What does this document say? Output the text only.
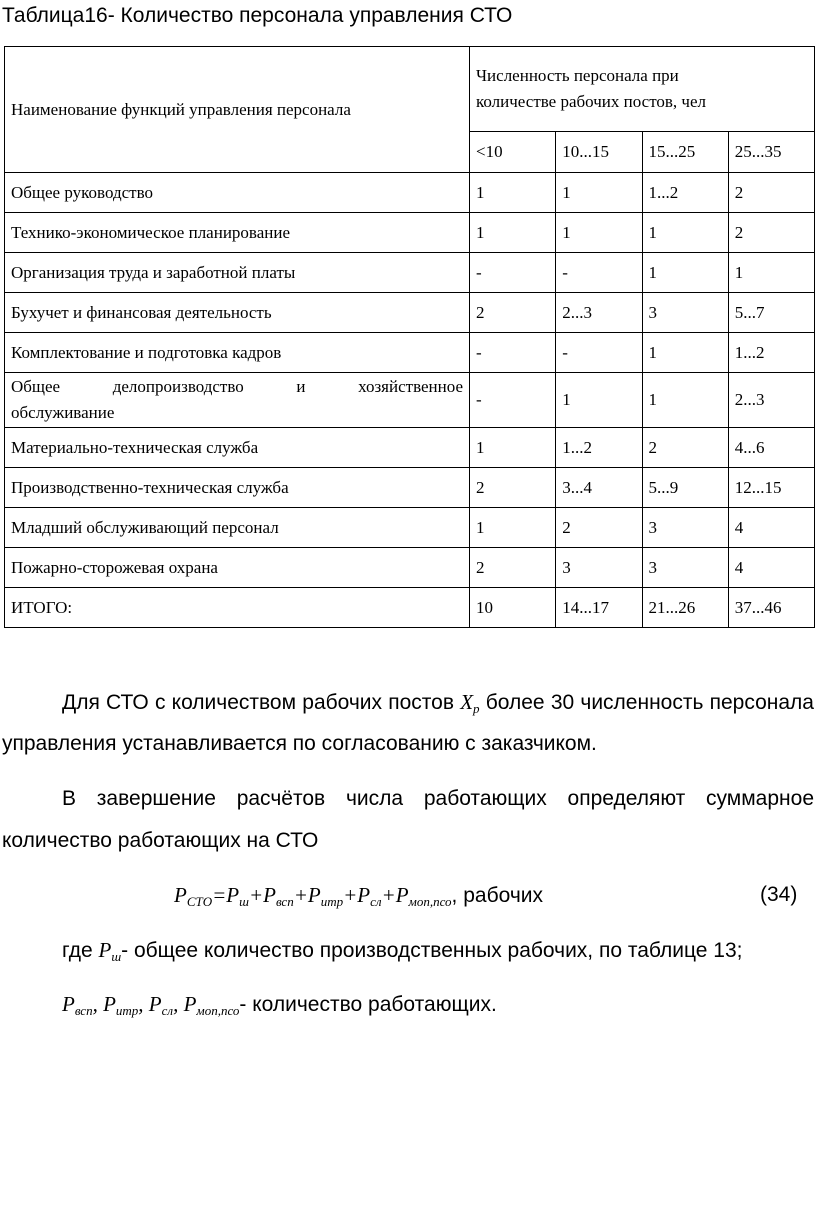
Таблица16- Количество персонала управления СТО
Наименование функций управления персонала	Численность персонала при
количестве рабочих постов, чел			
	<10	10...15	15...25	25...35
Общее руководство	1	1	1...2	2
Технико-экономическое планирование	1	1	1	2
Организация труда и заработной платы	-	-	1	1
Бухучет и финансовая деятельность	2	2...3	3	5...7
Комплектование и подготовка кадров	-	-	1	1...2

Общее делопроизводство и хозяйственное
обслуживание	-	1	1	2...3
Материально-техническая служба	1	1...2	2	4...6
Производственно-техническая служба	2	3...4	5...9	12...15
Младший обслуживающий персонал	1	2	3	4
Пожарно-сторожевая охрана	2	3	3	4
ИТОГО:	10	14...17	21...26	37...46
Для СТО с количеством рабочих постов $X_p$ более 30 численность персонала
управления устанавливается по согласованию с заказчиком.
В завершение расчётов числа работающих определяют суммарное
количество работающих на СТО
$P_{СТО}=P_ш+P_{всп}+P_{итр}+P_{сл}+P_{моп,псо}$, рабочих	(34)
где $P_ш-$ общее количество производственных рабочих, по таблице 13;
$P_{всп}$, $P_{итр}$, $P_{сл}$, $P_{моп,псо}-$ количество работающих.
